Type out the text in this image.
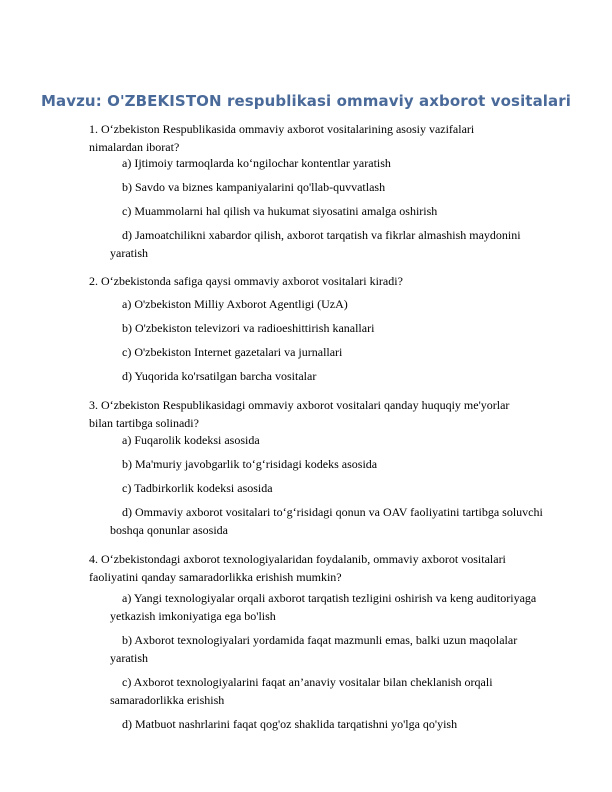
Mavzu: O'ZBEKISTON respublikasi ommaviy axborot vositalari
1. O‘zbekiston Respublikasida ommaviy axborot vositalarining asosiy vazifalari nimalardan iborat?
a) Ijtimoiy tarmoqlarda ko‘ngilochar kontentlar yaratish
b) Savdo va biznes kampaniyalarini qo'llab-quvvatlash
c) Muammolarni hal qilish va hukumat siyosatini amalga oshirish
d) Jamoatchilikni xabardor qilish, axborot tarqatish va fikrlar almashish maydonini yaratish
2. O‘zbekistonda safiga qaysi ommaviy axborot vositalari kiradi?
a) O'zbekiston Milliy Axborot Agentligi (UzA)
b) O'zbekiston televizori va radioeshittirish kanallari
c) O'zbekiston Internet gazetalari va jurnallari
d) Yuqorida ko'rsatilgan barcha vositalar
3. O‘zbekiston Respublikasidagi ommaviy axborot vositalari qanday huquqiy me'yorlar bilan tartibga solinadi?
a) Fuqarolik kodeksi asosida
b) Ma'muriy javobgarlik to‘g‘risidagi kodeks asosida
c) Tadbirkorlik kodeksi asosida
d) Ommaviy axborot vositalari to‘g‘risidagi qonun va OAV faoliyatini tartibga soluvchi boshqa qonunlar asosida
4. O‘zbekistondagi axborot texnologiyalaridan foydalanib, ommaviy axborot vositalari faoliyatini qanday samaradorlikka erishish mumkin?
a) Yangi texnologiyalar orqali axborot tarqatish tezligini oshirish va keng auditoriyaga yetkazish imkoniyatiga ega bo'lish
b) Axborot texnologiyalari yordamida faqat mazmunli emas, balki uzun maqolalar yaratish
c) Axborot texnologiyalarini faqat an’anaviy vositalar bilan cheklanish orqali samaradorlikka erishish
d) Matbuot nashrlarini faqat qog'oz shaklida tarqatishni yo'lga qo'yish
